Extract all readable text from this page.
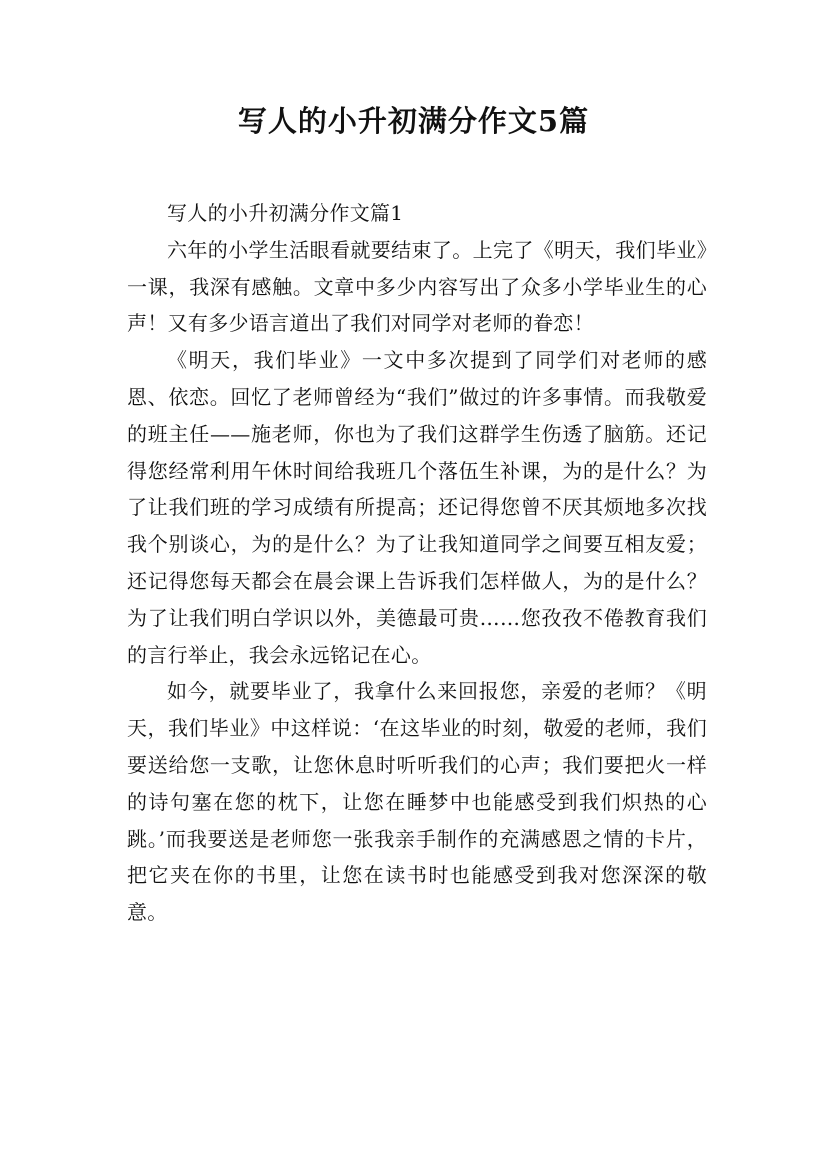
写人的小升初满分作文5篇

写人的小升初满分作文篇1

六年的小学生活眼看就要结束了。上完了《明天，我们毕业》一课，我深有感触。文章中多少内容写出了众多小学毕业生的心声！又有多少语言道出了我们对同学对老师的眷恋！

《明天，我们毕业》一文中多次提到了同学们对老师的感恩、依恋。回忆了老师曾经为“我们”做过的许多事情。而我敬爱的班主任——施老师，你也为了我们这群学生伤透了脑筋。还记得您经常利用午休时间给我班几个落伍生补课，为的是什么？为了让我们班的学习成绩有所提高；还记得您曾不厌其烦地多次找我个别谈心，为的是什么？为了让我知道同学之间要互相友爱；还记得您每天都会在晨会课上告诉我们怎样做人，为的是什么？为了让我们明白学识以外，美德最可贵……您孜孜不倦教育我们的言行举止，我会永远铭记在心。

如今，就要毕业了，我拿什么来回报您，亲爱的老师？《明天，我们毕业》中这样说：‘在这毕业的时刻，敬爱的老师，我们要送给您一支歌，让您休息时听听我们的心声；我们要把火一样的诗句塞在您的枕下，让您在睡梦中也能感受到我们炽热的心跳。’而我要送是老师您一张我亲手制作的充满感恩之情的卡片，把它夹在你的书里，让您在读书时也能感受到我对您深深的敬意。
